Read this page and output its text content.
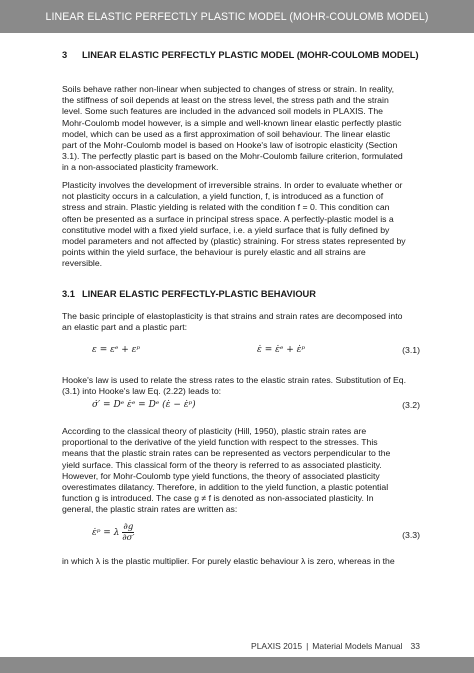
LINEAR ELASTIC PERFECTLY PLASTIC MODEL (MOHR-COULOMB MODEL)
3 LINEAR ELASTIC PERFECTLY PLASTIC MODEL (MOHR-COULOMB MODEL)
Soils behave rather non-linear when subjected to changes of stress or strain. In reality,
the stiffness of soil depends at least on the stress level, the stress path and the strain
level. Some such features are included in the advanced soil models in PLAXIS. The
Mohr-Coulomb model however, is a simple and well-known linear elastic perfectly plastic
model, which can be used as a first approximation of soil behaviour. The linear elastic
part of the Mohr-Coulomb model is based on Hooke's law of isotropic elasticity (Section
3.1). The perfectly plastic part is based on the Mohr-Coulomb failure criterion, formulated
in a non-associated plasticity framework.
Plasticity involves the development of irreversible strains. In order to evaluate whether or
not plasticity occurs in a calculation, a yield function, f, is introduced as a function of
stress and strain. Plastic yielding is related with the condition f = 0. This condition can
often be presented as a surface in principal stress space. A perfectly-plastic model is a
constitutive model with a fixed yield surface, i.e. a yield surface that is fully defined by
model parameters and not affected by (plastic) straining. For stress states represented by
points within the yield surface, the behaviour is purely elastic and all strains are
reversible.
3.1 LINEAR ELASTIC PERFECTLY-PLASTIC BEHAVIOUR
The basic principle of elastoplasticity is that strains and strain rates are decomposed into
an elastic part and a plastic part:
ε = εᵉ + εᵖ	ε̇ = ε̇ᵉ + ε̇ᵖ	(3.1)
Hooke's law is used to relate the stress rates to the elastic strain rates. Substitution of Eq.
(3.1) into Hooke's law Eq. (2.22) leads to:
σ̇′ = Dᵉ ε̇ᵉ = Dᵉ (ε̇ − ε̇ᵖ)	(3.2)
According to the classical theory of plasticity (Hill, 1950), plastic strain rates are
proportional to the derivative of the yield function with respect to the stresses. This
means that the plastic strain rates can be represented as vectors perpendicular to the
yield surface. This classical form of the theory is referred to as associated plasticity.
However, for Mohr-Coulomb type yield functions, the theory of associated plasticity
overestimates dilatancy. Therefore, in addition to the yield function, a plastic potential
function g is introduced. The case g ≠ f is denoted as non-associated plasticity. In
general, the plastic strain rates are written as:
ε̇ᵖ = λ $\frac{\partial g}{\partial\sigma'}$	(3.3)
in which λ is the plastic multiplier. For purely elastic behaviour λ is zero, whereas in the
PLAXIS 2015 | Material Models Manual 33
